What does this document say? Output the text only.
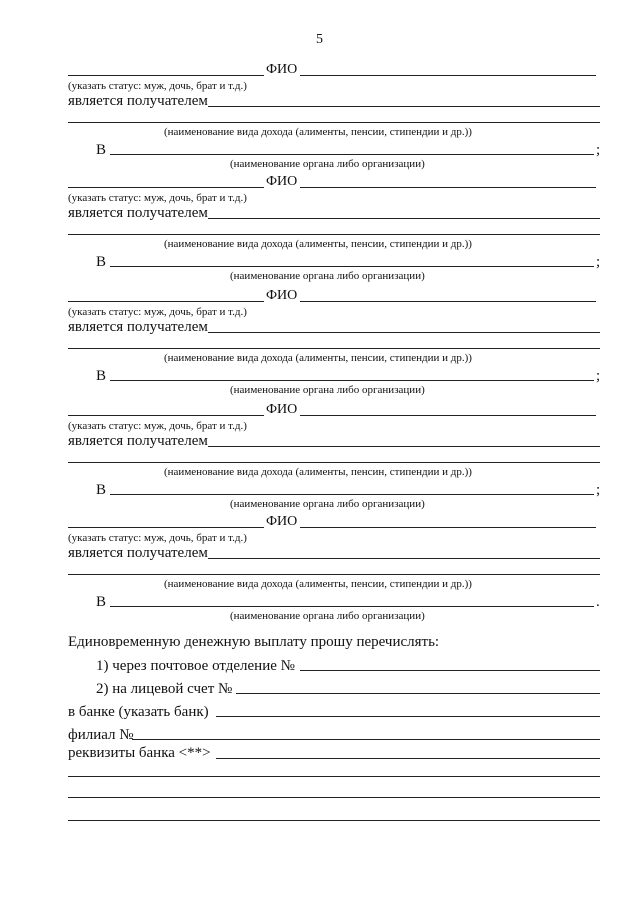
5
ФИО
(указать статус: муж, дочь, брат и т.д.)
является получателем
(наименование вида дохода (алименты, пенсии, стипендии и др.))
В	;
(наименование органа либо организации)
ФИО
(указать статус: муж, дочь, брат и т.д.)
является получателем
(наименование вида дохода (алименты, пенсии, стипендии и др.))
В	;
(наименование органа либо организации)
ФИО
(указать статус: муж, дочь, брат и т.д.)
является получателем
(наименование вида дохода (алименты, пенсии, стипендии и др.))
В	;
(наименование органа либо организации)
ФИО
(указать статус: муж, дочь, брат и т.д.)
является получателем
(наименование вида дохода (алименты, пенсин, стипендии и др.))
В	;
(наименование органа либо организации)
ФИО
(указать статус: муж, дочь, брат и т.д.)
является получателем
(наименование вида дохода (алименты, пенсии, стипендии и др.))
В	.
(наименование органа либо организации)
Единовременную денежную выплату прошу перечислять:
1) через почтовое отделение №
2) на лицевой счет №
в банке (указать банк)
филиал №
реквизиты банка <**>
